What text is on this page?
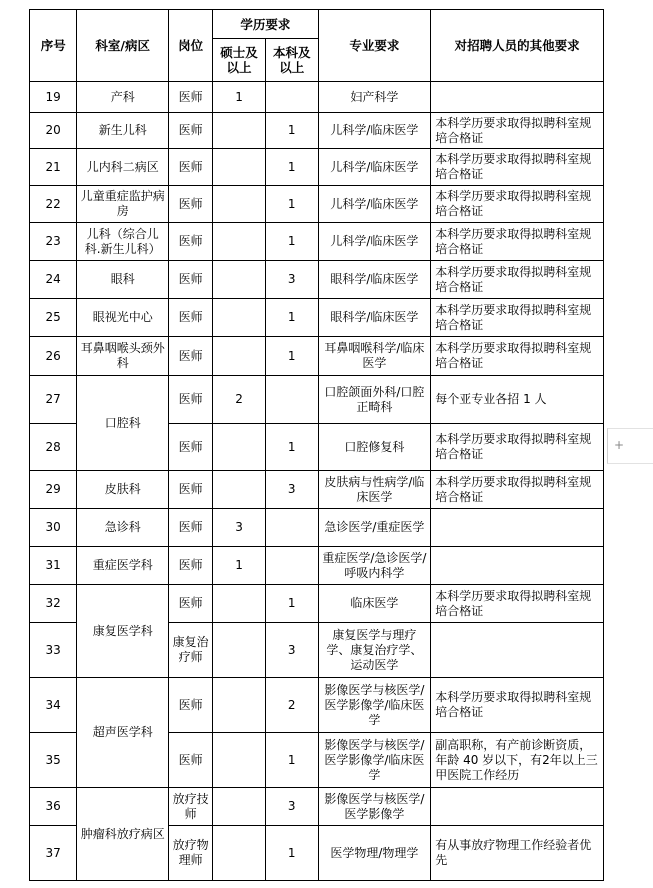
序号	科室/病区	岗位	学历要求		专业要求	对招聘人员的其他要求
			硕士及以上	本科及以上		
19	产科	医师	1		妇产科学	
20	新生儿科	医师		1	儿科学/临床医学	本科学历要求取得拟聘科室规培合格证
21	儿内科二病区	医师		1	儿科学/临床医学	本科学历要求取得拟聘科室规培合格证
22	儿童重症监护病房	医师		1	儿科学/临床医学	本科学历要求取得拟聘科室规培合格证
23	儿科（综合儿科.新生儿科）	医师		1	儿科学/临床医学	本科学历要求取得拟聘科室规培合格证
24	眼科	医师		3	眼科学/临床医学	本科学历要求取得拟聘科室规培合格证
25	眼视光中心	医师		1	眼科学/临床医学	本科学历要求取得拟聘科室规培合格证
26	耳鼻咽喉头颈外科	医师		1	耳鼻咽喉科学/临床医学	本科学历要求取得拟聘科室规培合格证
27	口腔科	医师	2		口腔颌面外科/口腔正畸科	每个亚专业各招 1 人
28		医师		1	口腔修复科	本科学历要求取得拟聘科室规培合格证
29	皮肤科	医师		3	皮肤病与性病学/临床医学	本科学历要求取得拟聘科室规培合格证
30	急诊科	医师	3		急诊医学/重症医学	
31	重症医学科	医师	1		重症医学/急诊医学/呼吸内科学	
32	康复医学科	医师		1	临床医学	本科学历要求取得拟聘科室规培合格证
33		康复治疗师		3	康复医学与理疗学、康复治疗学、运动医学	
34	超声医学科	医师		2	影像医学与核医学/医学影像学/临床医学	本科学历要求取得拟聘科室规培合格证
35		医师		1	影像医学与核医学/医学影像学/临床医学	副高职称，有产前诊断资质，年龄 40 岁以下，有2年以上三甲医院工作经历
36	肿瘤科放疗病区	放疗技师		3	影像医学与核医学/医学影像学	
37		放疗物理师		1	医学物理/物理学	有从事放疗物理工作经验者优先
+
